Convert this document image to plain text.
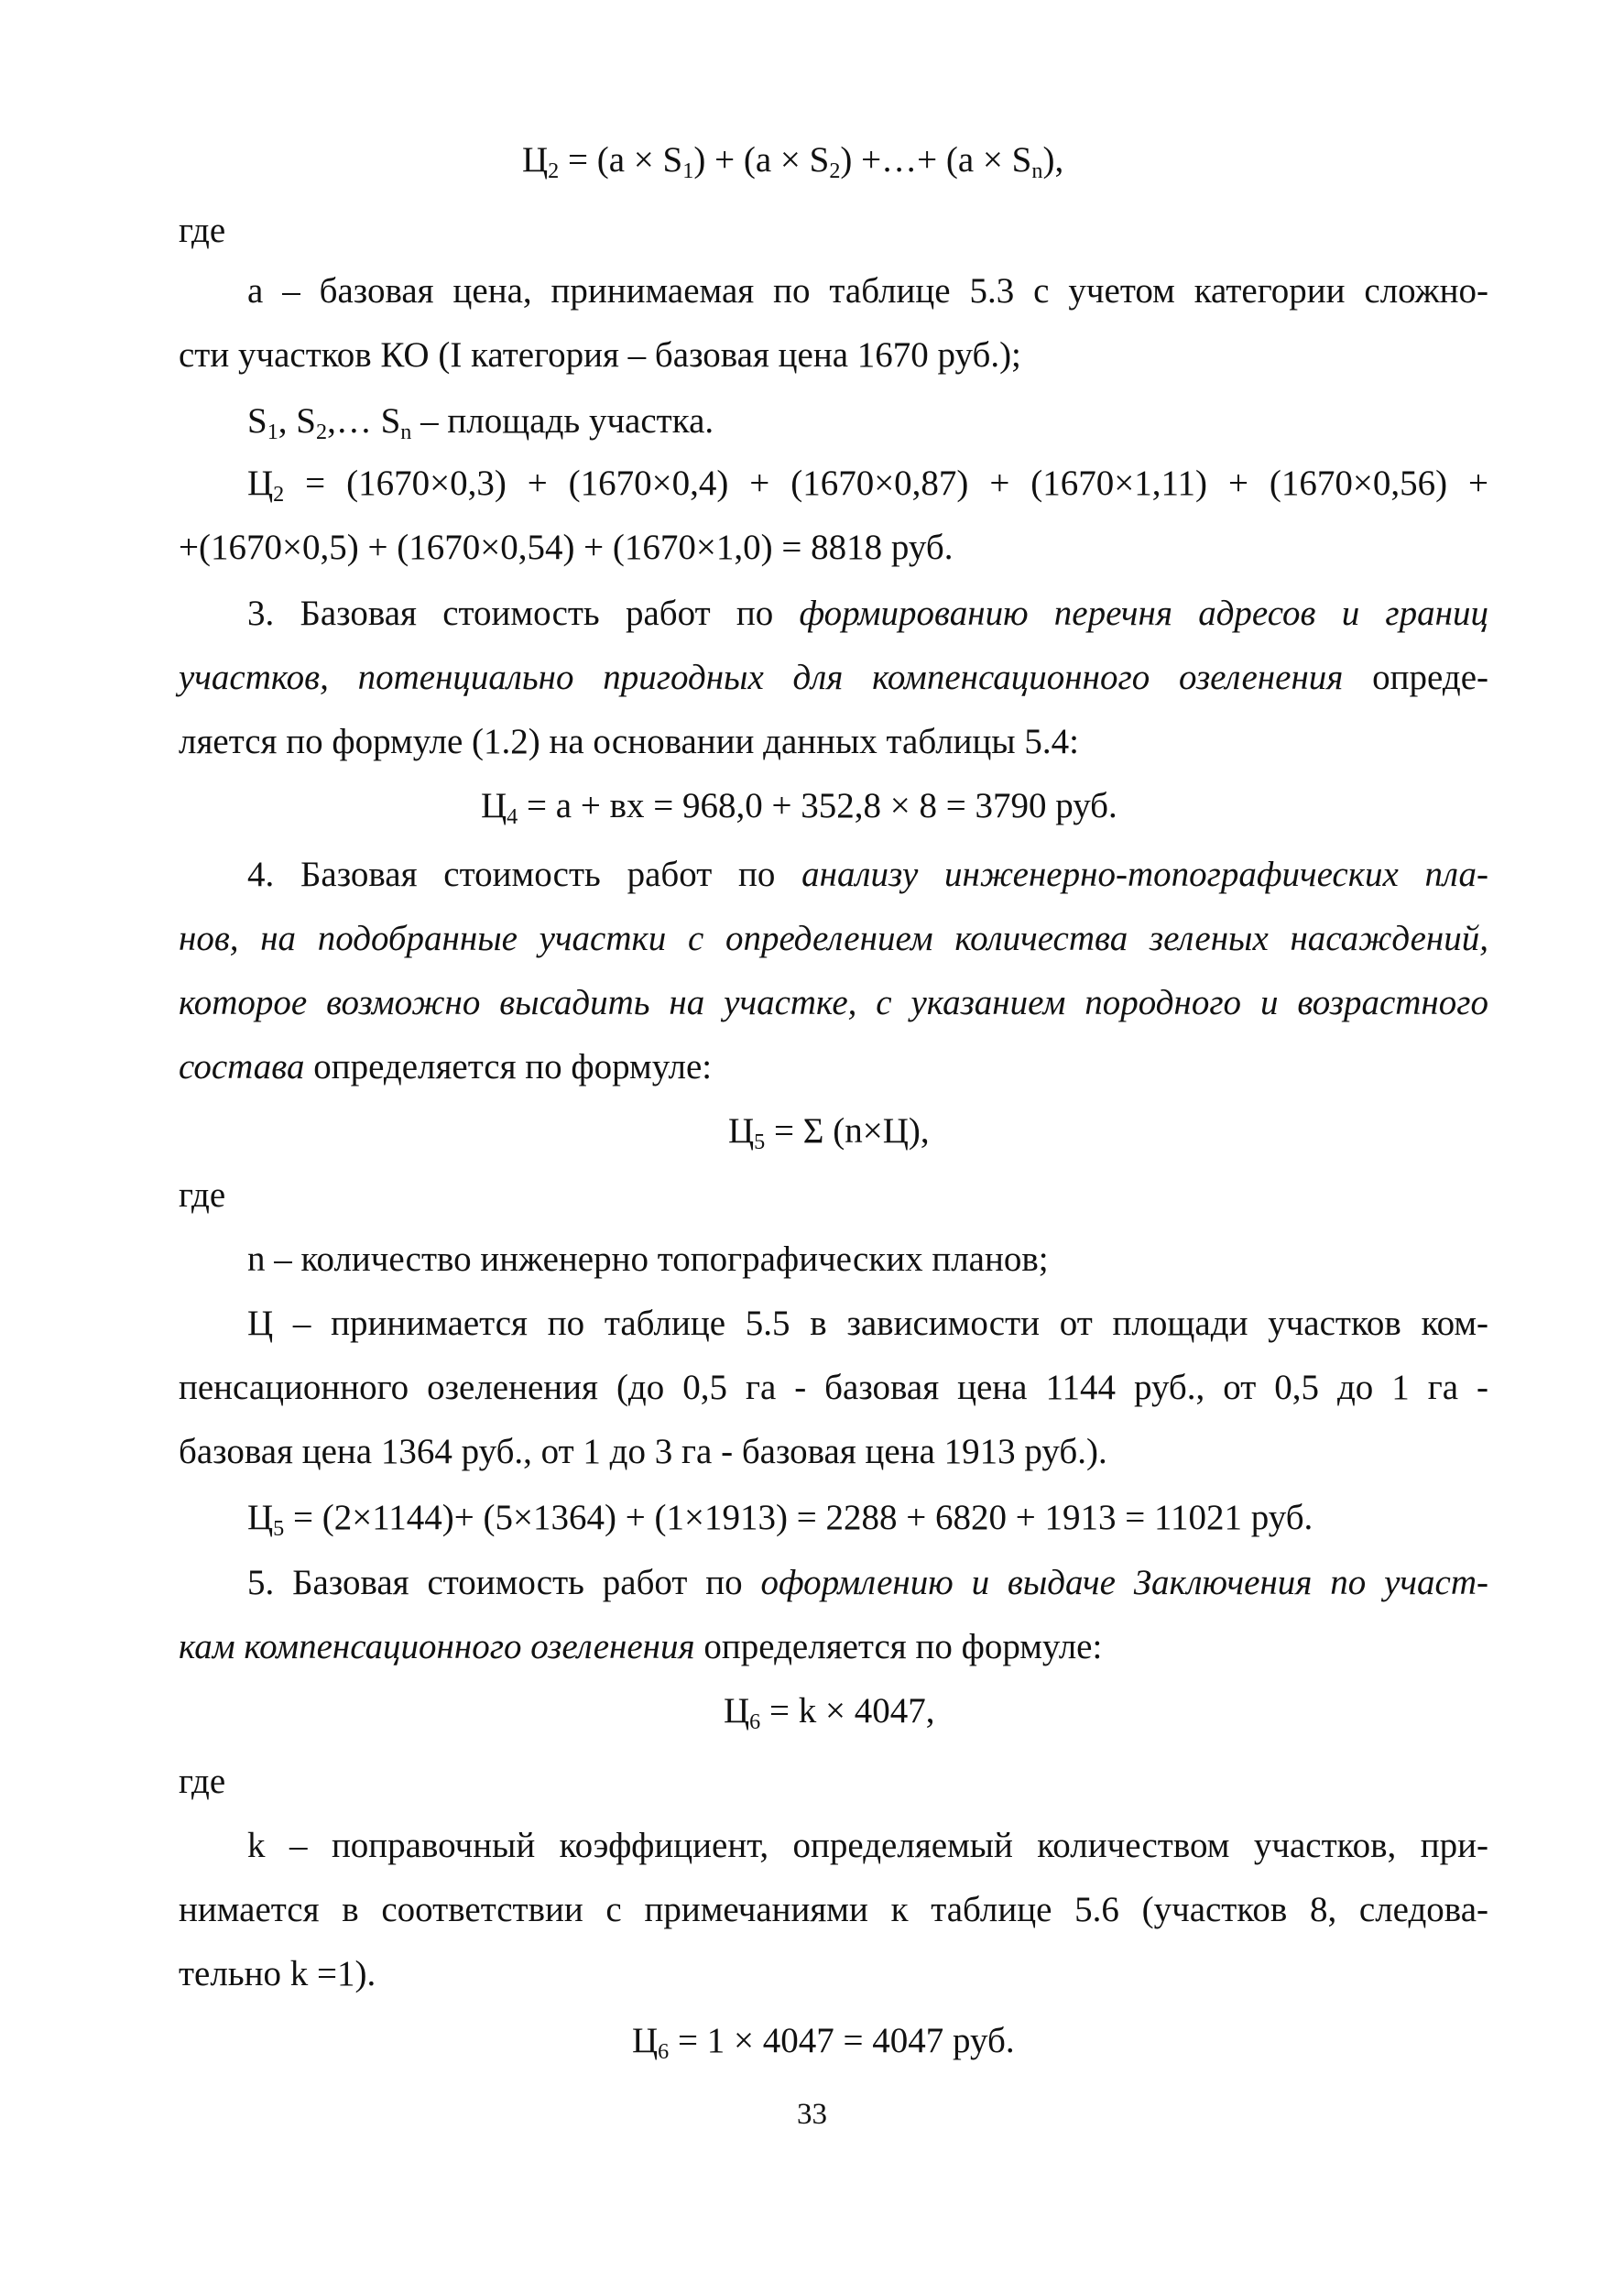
$Ц_2 = (a \times S_1) + (a \times S_2)$ +…+ $(a \times S_n)$,
где
а – базовая цена, принимаемая по таблице 5.3 с учетом категории сложно-
сти участков КО (I категория – базовая цена 1670 руб.);
$S_1$, $S_2,\dots$ $S_n$ – площадь участка.
$Ц_2 = (1670\times 0,3) + (1670\times 0,4) + (1670\times 0,87) + (1670\times 1,11) + (1670\times 0,56)$ +
+(1670×0,5) + (1670×0,54) + (1670×1,0) = 8818 руб.
3. Базовая стоимость работ по формированию перечня адресов и границ
участков, потенциально пригодных для компенсационного озеленения опреде-
ляется по формуле (1.2) на основании данных таблицы 5.4:
$Ц_4 = а$ + вх = 968,0 + 352,8 × 8 = 3790 руб.
4. Базовая стоимость работ по анализу инженерно-топографических пла-
нов, на подобранные участки с определением количества зеленых насаждений,
которое возможно высадить на участке, с указанием породного и возрастного
состава определяется по формуле:
$Ц_5 = \Sigma$ (n×Ц),
где
n – количество инженерно топографических планов;
Ц – принимается по таблице 5.5 в зависимости от площади участков ком-
пенсационного озеленения (до 0,5 га - базовая цена 1144 руб., от 0,5 до 1 га -
базовая цена 1364 руб., от 1 до 3 га - базовая цена 1913 руб.).
$Ц_5 = (2\times 1144)+ (5\times 1364) + (1\times 1913) = 2288 + 6820 + 1913 = 11021$ руб.
5. Базовая стоимость работ по оформлению и выдаче Заключения по участ-
кам компенсационного озеленения определяется по формуле:
$Ц_6 = k \times 4047$,
где
k – поправочный коэффициент, определяемый количеством участков, при-
нимается в соответствии с примечаниями к таблице 5.6 (участков 8, следова-
тельно k =1).
$Ц_6 = 1 \times 4047 = 4047$ руб.
33
